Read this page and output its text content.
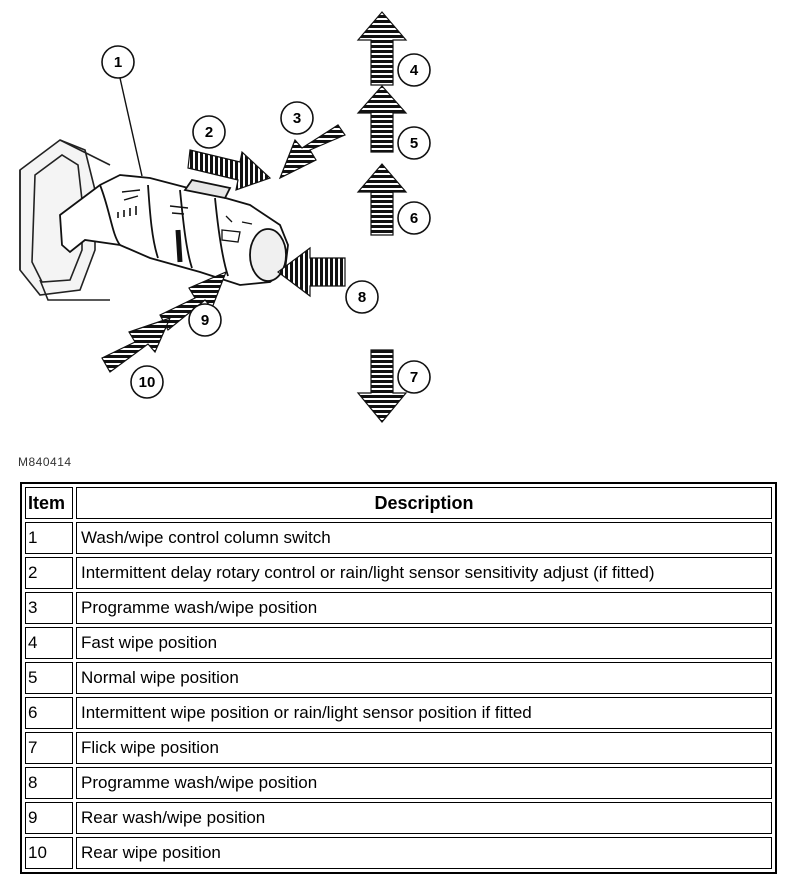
1
2
3
4
5
6
7
8
9
10
M840414
Item	Description
1	Wash/wipe control column switch
2	Intermittent delay rotary control or rain/light sensor sensitivity adjust (if fitted)
3	Programme wash/wipe position
4	Fast wipe position
5	Normal wipe position
6	Intermittent wipe position or rain/light sensor position if fitted
7	Flick wipe position
8	Programme wash/wipe position
9	Rear wash/wipe position
10	Rear wipe position
